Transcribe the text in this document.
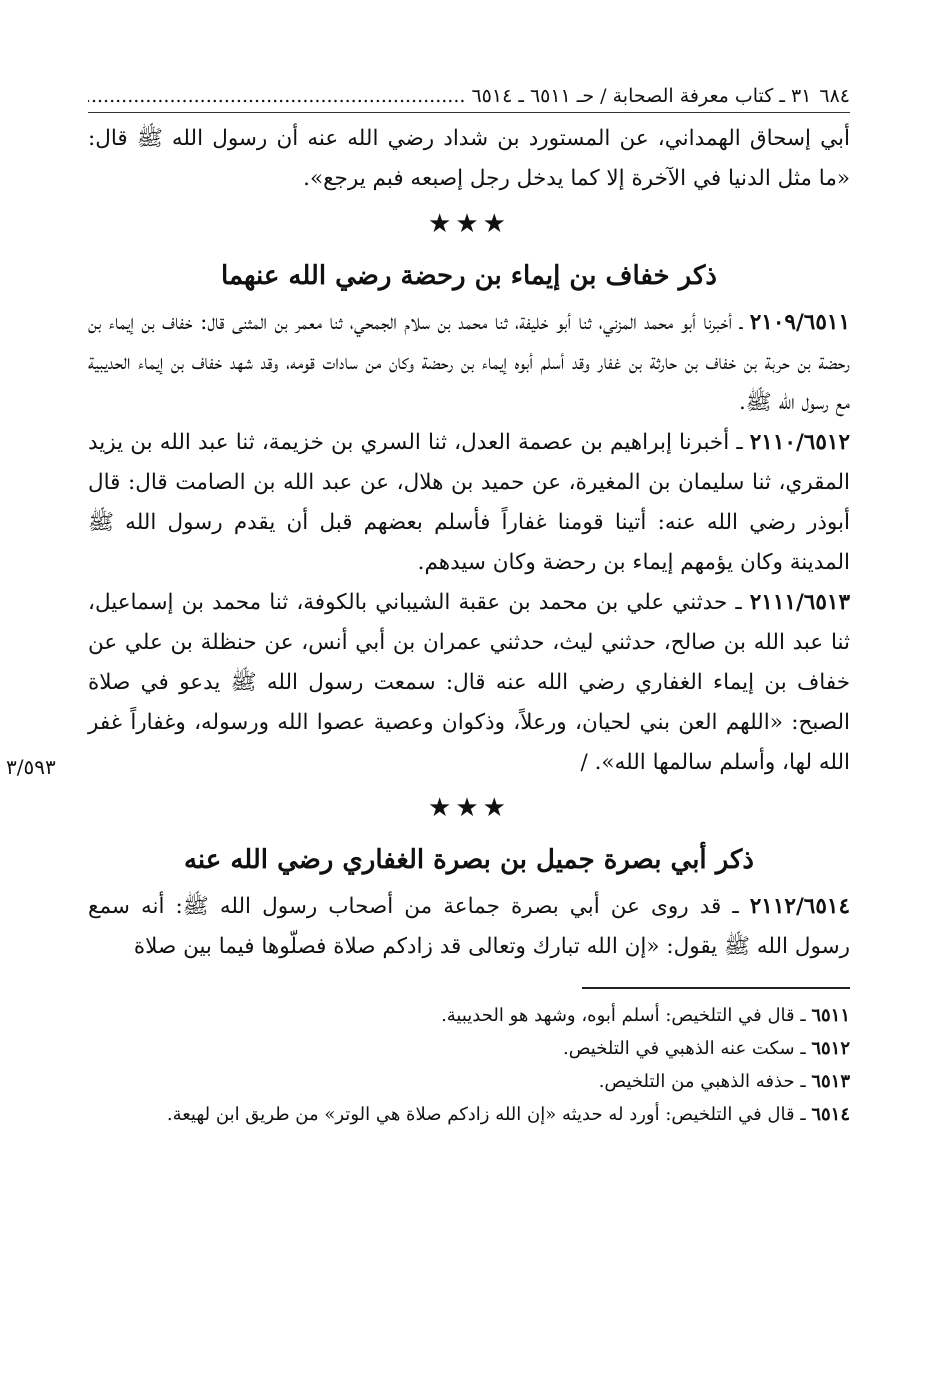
٦٨٤
٣١ ـ كتاب معرفة الصحابة / حـ ٦٥١١ ـ ٦٥١٤ .....

أبي إسحاق الهمداني، عن المستورد بن شداد رضي الله عنه أن رسول الله ﷺ قال: «ما مثل الدنيا في الآخرة إلا كما يدخل رجل إصبعه فبم يرجع».

★★★
ذكر خفاف بن إيماء بن رحضة رضي الله عنهما

٢١٠٩/٦٥١١ ـ أخبرنا أبو محمد المزني، ثنا أبو خليفة، ثنا محمد بن سلام الجمحي، ثنا معمر بن المثنى قال: خفاف بن إيماء بن رحضة بن حربة بن خفاف بن حارثة بن غفار وقد أسلم أبوه إيماء بن رحضة وكان من سادات قومه، وقد شهد خفاف بن إيماء الحديبية مع رسول الله ﷺ.

٢١١٠/٦٥١٢ ـ أخبرنا إبراهيم بن عصمة العدل، ثنا السري بن خزيمة، ثنا عبد الله بن يزيد المقري، ثنا سليمان بن المغيرة، عن حميد بن هلال، عن عبد الله بن الصامت قال: قال أبوذر رضي الله عنه: أتينا قومنا غفاراً فأسلم بعضهم قبل أن يقدم رسول الله ﷺ المدينة وكان يؤمهم إيماء بن رحضة وكان سيدهم.

٢١١١/٦٥١٣ ـ حدثني علي بن محمد بن عقبة الشيباني بالكوفة، ثنا محمد بن إسماعيل، ثنا عبد الله بن صالح، حدثني ليث، حدثني عمران بن أبي أنس، عن حنظلة بن علي عن خفاف بن إيماء الغفاري رضي الله عنه قال: سمعت رسول الله ﷺ يدعو في صلاة الصبح: «اللهم العن بني لحيان، ورعلاً، وذكوان وعصية عصوا الله ورسوله، وغفاراً غفر الله لها، وأسلم سالمها الله». /

٣/٥٩٣
★★★
ذكر أبي بصرة جميل بن بصرة الغفاري رضي الله عنه

٢١١٢/٦٥١٤ ـ قد روى عن أبي بصرة جماعة من أصحاب رسول الله ﷺ: أنه سمع رسول الله ﷺ يقول: «إن الله تبارك وتعالى قد زادكم صلاة فصلّوها فيما بين صلاة

٦٥١١ ـ قال في التلخيص: أسلم أبوه، وشهد هو الحديبية.

٦٥١٢ ـ سكت عنه الذهبي في التلخيص.

٦٥١٣ ـ حذفه الذهبي من التلخيص.

٦٥١٤ ـ قال في التلخيص: أورد له حديثه «إن الله زادكم صلاة هي الوتر» من طريق ابن لهيعة.
